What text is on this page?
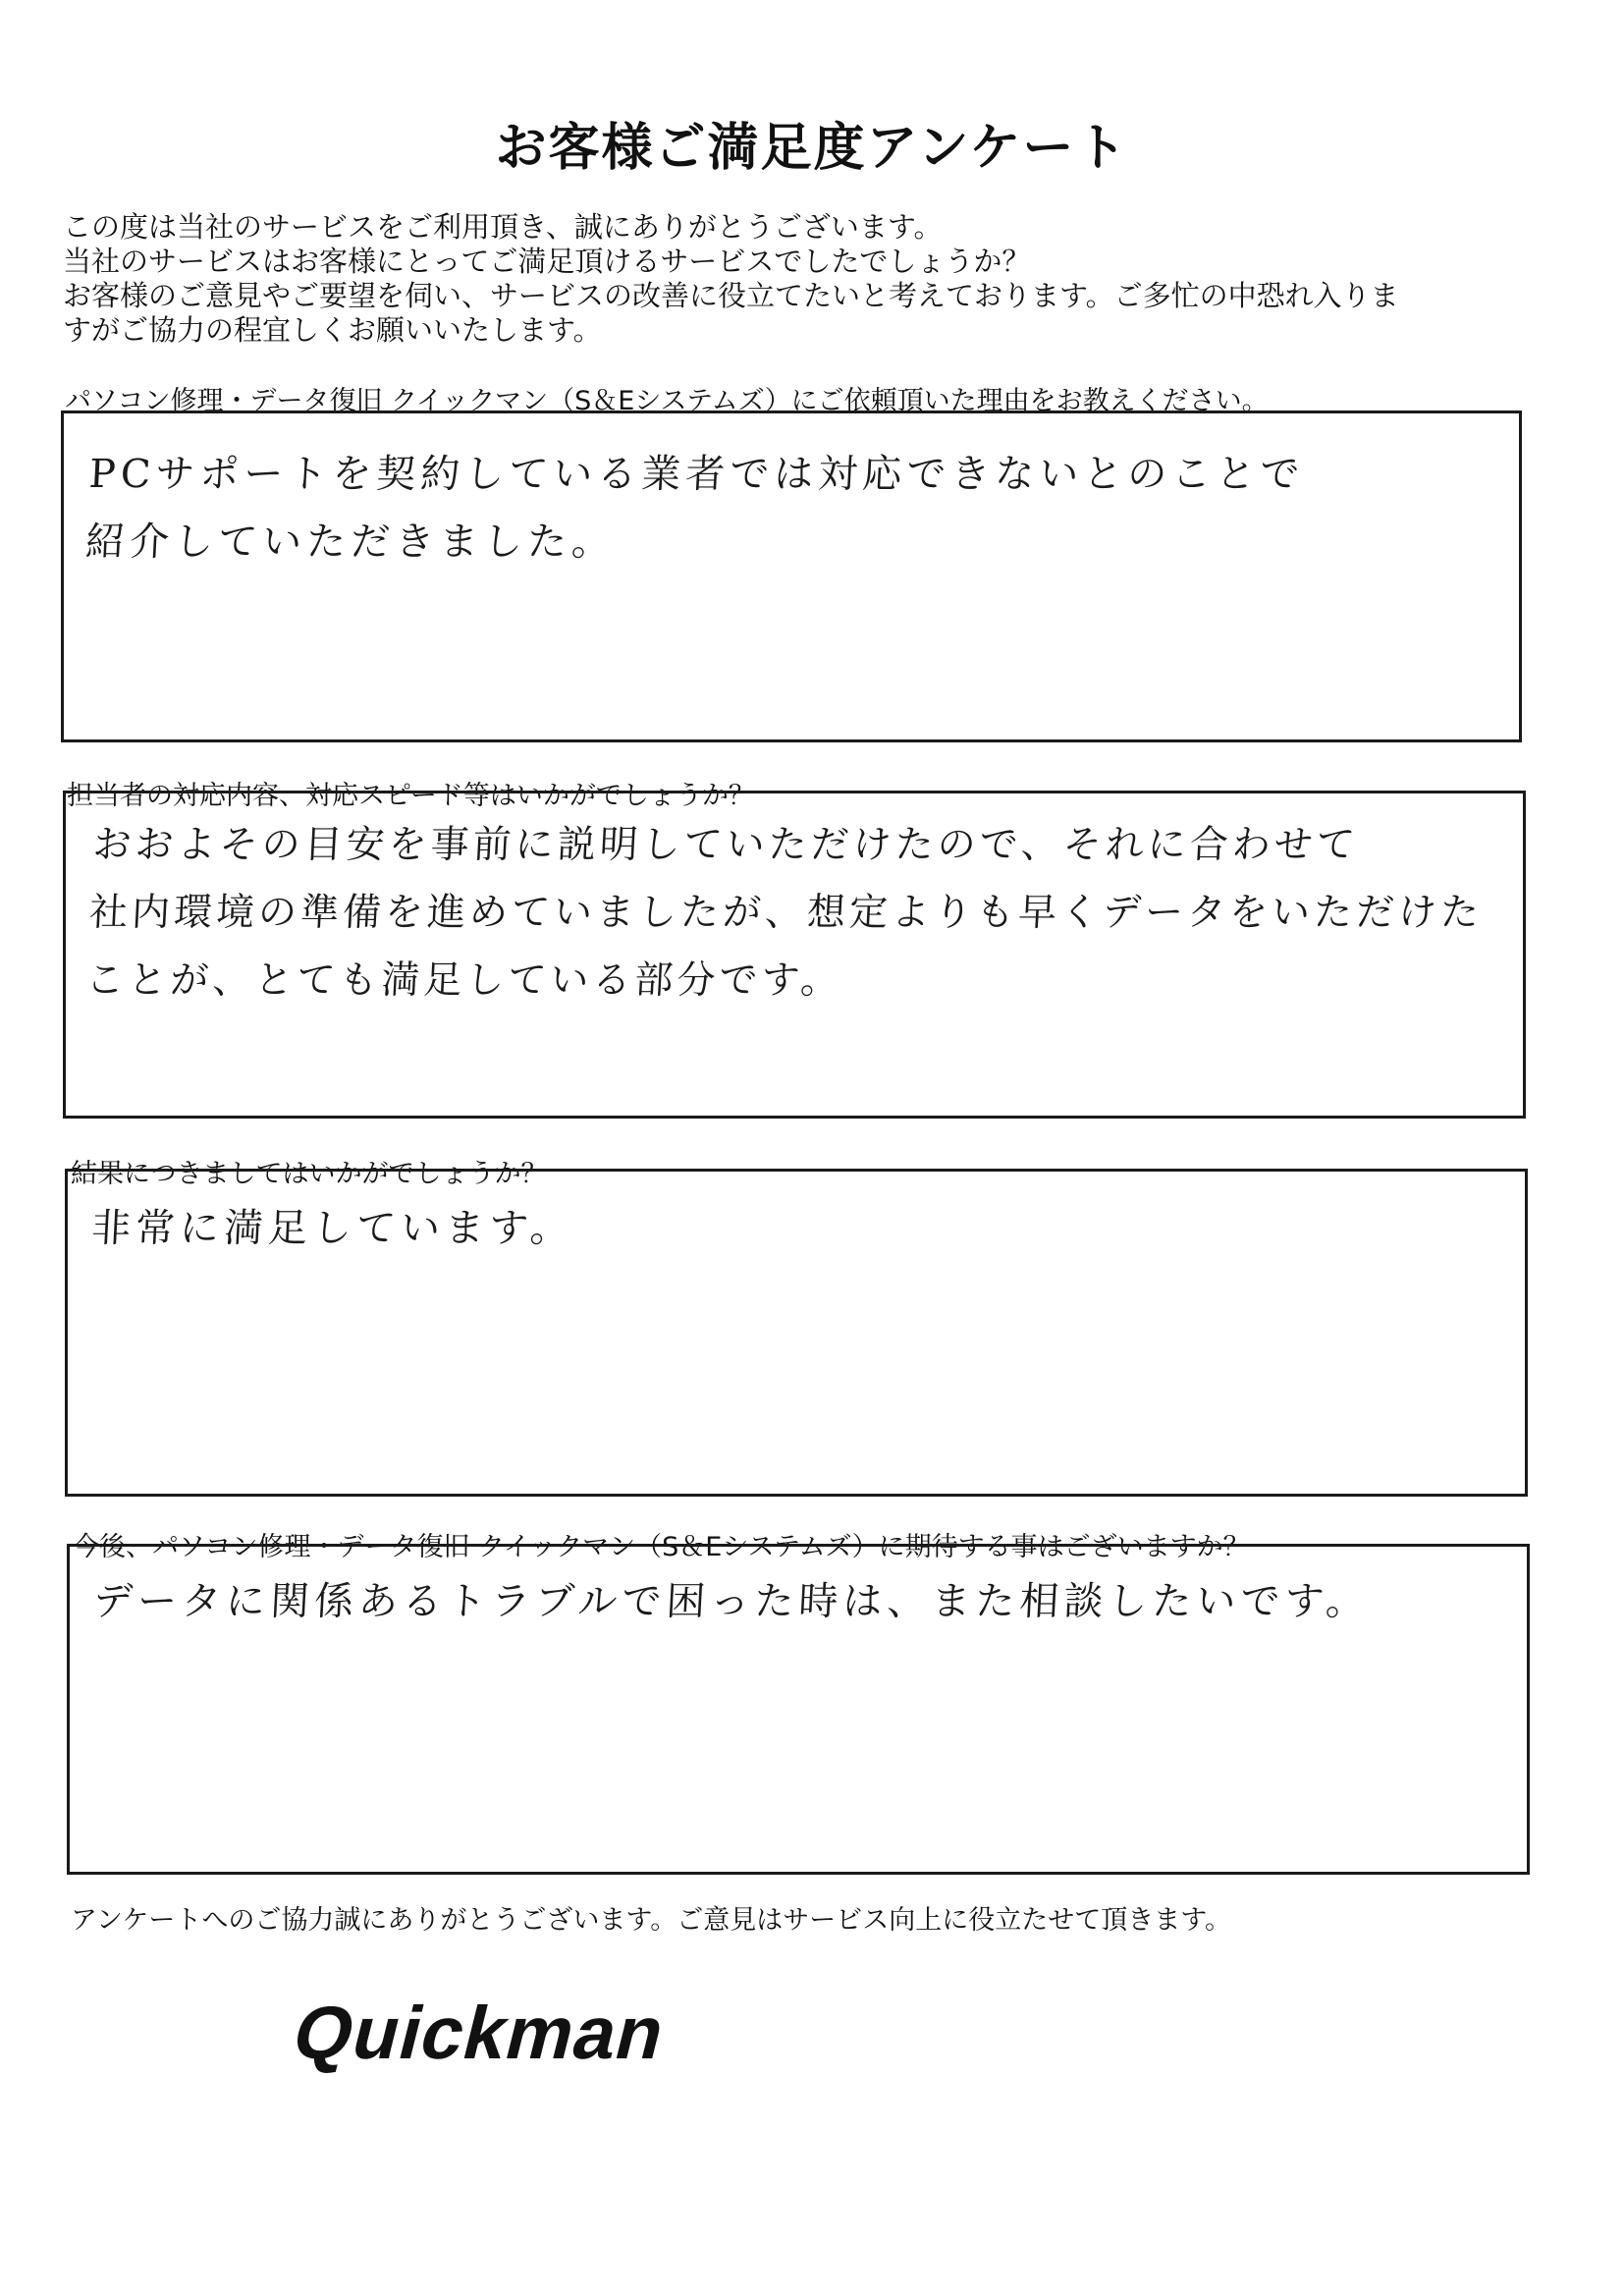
お客様ご満足度アンケート
この度は当社のサービスをご利用頂き、誠にありがとうございます。
当社のサービスはお客様にとってご満足頂けるサービスでしたでしょうか？
お客様のご意見やご要望を伺い、サービスの改善に役立てたいと考えております。ご多忙の中恐れ入りま
すがご協力の程宜しくお願いいたします。
パソコン修理・データ復旧 クイックマン（S＆Eシステムズ）にご依頼頂いた理由をお教えください。
PCサポートを契約している業者では対応できないとのことで
紹介していただきました。
担当者の対応内容、対応スピード等はいかがでしょうか？
おおよその目安を事前に説明していただけたので、それに合わせて
社内環境の準備を進めていましたが、想定よりも早くデータをいただけた
ことが、とても満足している部分です。
結果につきましてはいかがでしょうか？
非常に満足しています。
今後、パソコン修理・データ復旧 クイックマン（S＆Eシステムズ）に期待する事はございますか？
データに関係あるトラブルで困った時は、また相談したいです。
アンケートへのご協力誠にありがとうございます。ご意見はサービス向上に役立たせて頂きます。
Quickman
